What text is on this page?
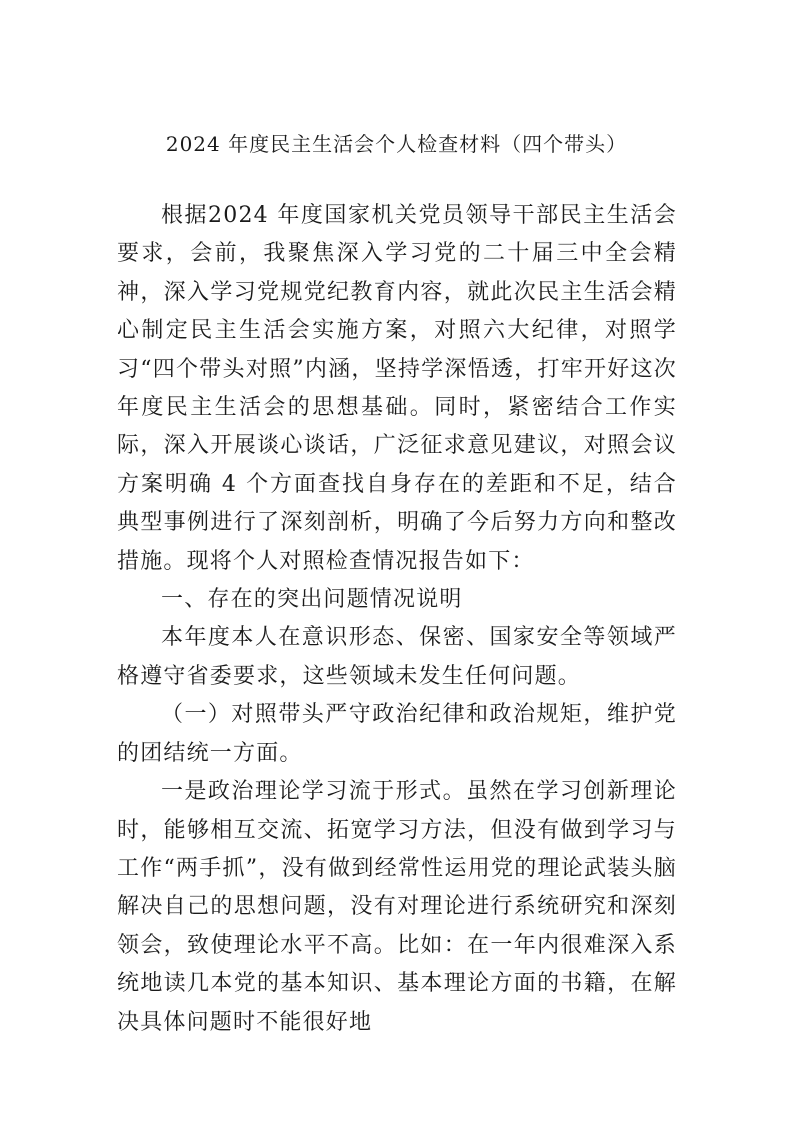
2024 年度民主生活会个人检查材料（四个带头）

根据2024 年度国家机关党员领导干部民主生活会要求，会前，我聚焦深入学习党的二十届三中全会精神，深入学习党规党纪教育内容，就此次民主生活会精心制定民主生活会实施方案，对照六大纪律，对照学习“四个带头对照”内涵，坚持学深悟透，打牢开好这次年度民主生活会的思想基础。同时，紧密结合工作实际，深入开展谈心谈话，广泛征求意见建议，对照会议方案明确 4 个方面查找自身存在的差距和不足，结合典型事例进行了深刻剖析，明确了今后努力方向和整改措施。现将个人对照检查情况报告如下：

一、存在的突出问题情况说明

本年度本人在意识形态、保密、国家安全等领域严格遵守省委要求，这些领域未发生任何问题。

（一）对照带头严守政治纪律和政治规矩，维护党的团结统一方面。

一是政治理论学习流于形式。虽然在学习创新理论时，能够相互交流、拓宽学习方法，但没有做到学习与工作“两手抓”，没有做到经常性运用党的理论武装头脑解决自己的思想问题，没有对理论进行系统研究和深刻领会，致使理论水平不高。比如：在一年内很难深入系统地读几本党的基本知识、基本理论方面的书籍，在解决具体问题时不能很好地
